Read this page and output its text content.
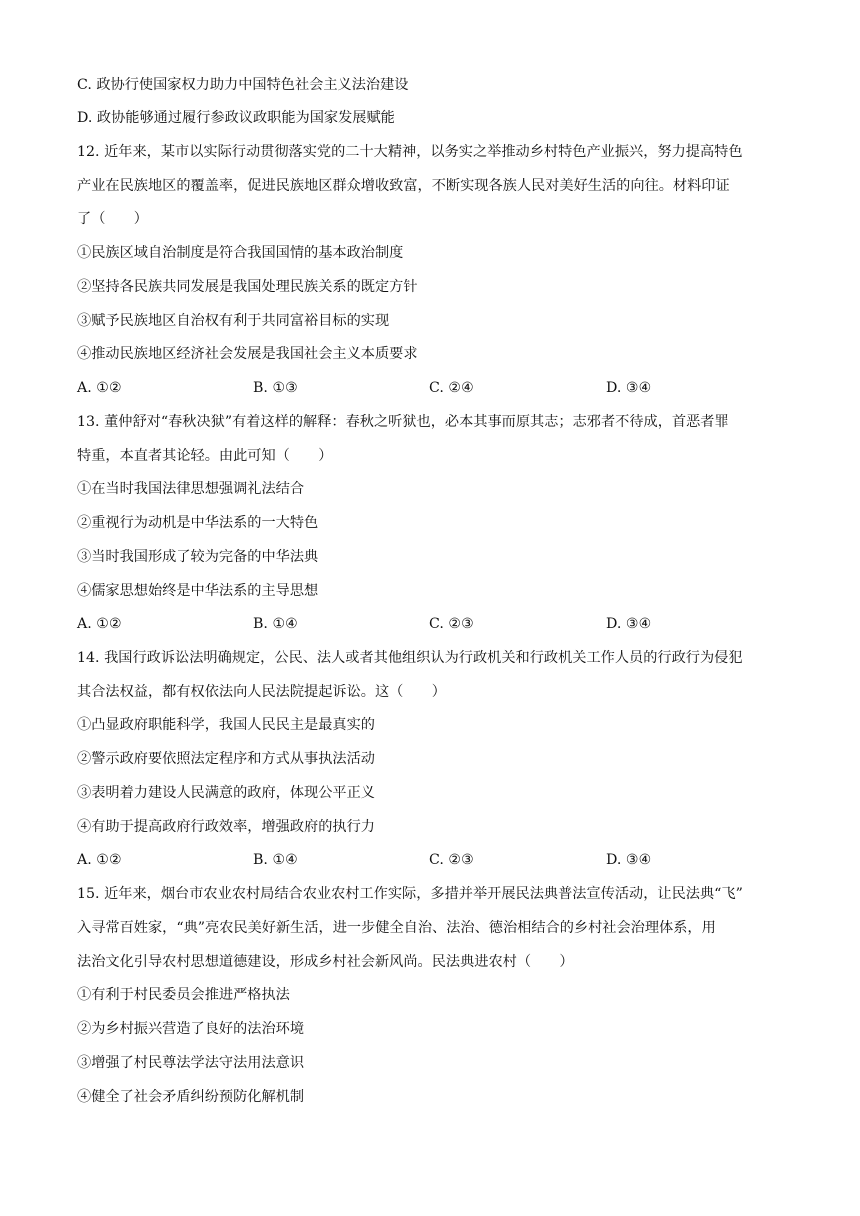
C. 政协行使国家权力助力中国特色社会主义法治建设
D. 政协能够通过履行参政议政职能为国家发展赋能
12. 近年来，某市以实际行动贯彻落实党的二十大精神，以务实之举推动乡村特色产业振兴，努力提高特色
产业在民族地区的覆盖率，促进民族地区群众增收致富，不断实现各族人民对美好生活的向往。材料印证
了（　　）
①民族区域自治制度是符合我国国情的基本政治制度
②坚持各民族共同发展是我国处理民族关系的既定方针
③赋予民族地区自治权有利于共同富裕目标的实现
④推动民族地区经济社会发展是我国社会主义本质要求
A. ①②	B. ①③	C. ②④	D. ③④
13. 董仲舒对“春秋决狱”有着这样的解释：春秋之听狱也，必本其事而原其志；志邪者不待成，首恶者罪
特重，本直者其论轻。由此可知（　　）
①在当时我国法律思想强调礼法结合
②重视行为动机是中华法系的一大特色
③当时我国形成了较为完备的中华法典
④儒家思想始终是中华法系的主导思想
A. ①②	B. ①④	C. ②③	D. ③④
14. 我国行政诉讼法明确规定，公民、法人或者其他组织认为行政机关和行政机关工作人员的行政行为侵犯
其合法权益，都有权依法向人民法院提起诉讼。这（　　）
①凸显政府职能科学，我国人民民主是最真实的
②警示政府要依照法定程序和方式从事执法活动
③表明着力建设人民满意的政府，体现公平正义
④有助于提高政府行政效率，增强政府的执行力
A. ①②	B. ①④	C. ②③	D. ③④
15. 近年来，烟台市农业农村局结合农业农村工作实际，多措并举开展民法典普法宣传活动，让民法典“飞”
入寻常百姓家，“典”亮农民美好新生活，进一步健全自治、法治、德治相结合的乡村社会治理体系，用
法治文化引导农村思想道德建设，形成乡村社会新风尚。民法典进农村（　　）
①有利于村民委员会推进严格执法
②为乡村振兴营造了良好的法治环境
③增强了村民尊法学法守法用法意识
④健全了社会矛盾纠纷预防化解机制
